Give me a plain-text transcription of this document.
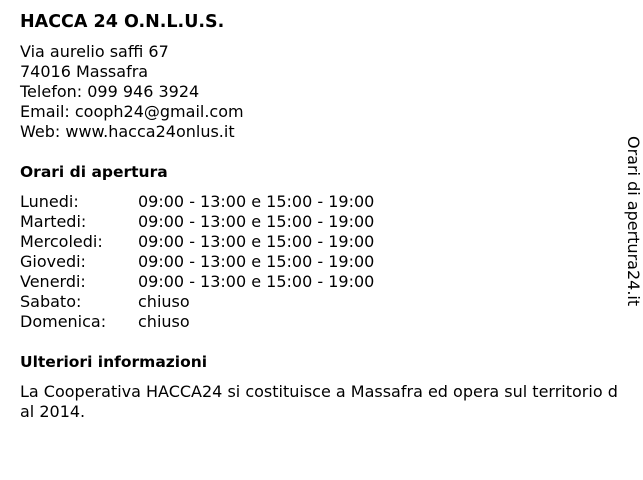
HACCA 24 O.N.L.U.S.
Via aurelio saffi 67
74016 Massafra
Telefon: 099 946 3924
Email: cooph24@gmail.com
Web: www.hacca24onlus.it
Orari di apertura
Lunedi:	09:00 - 13:00 e 15:00 - 19:00
Martedi:	09:00 - 13:00 e 15:00 - 19:00
Mercoledi:	09:00 - 13:00 e 15:00 - 19:00
Giovedi:	09:00 - 13:00 e 15:00 - 19:00
Venerdi:	09:00 - 13:00 e 15:00 - 19:00
Sabato:	chiuso
Domenica:	chiuso
Ulteriori informazioni
La Cooperativa HACCA24 si costituisce a Massafra ed opera sul territorio dal 2014.
Orari di apertura24.it
